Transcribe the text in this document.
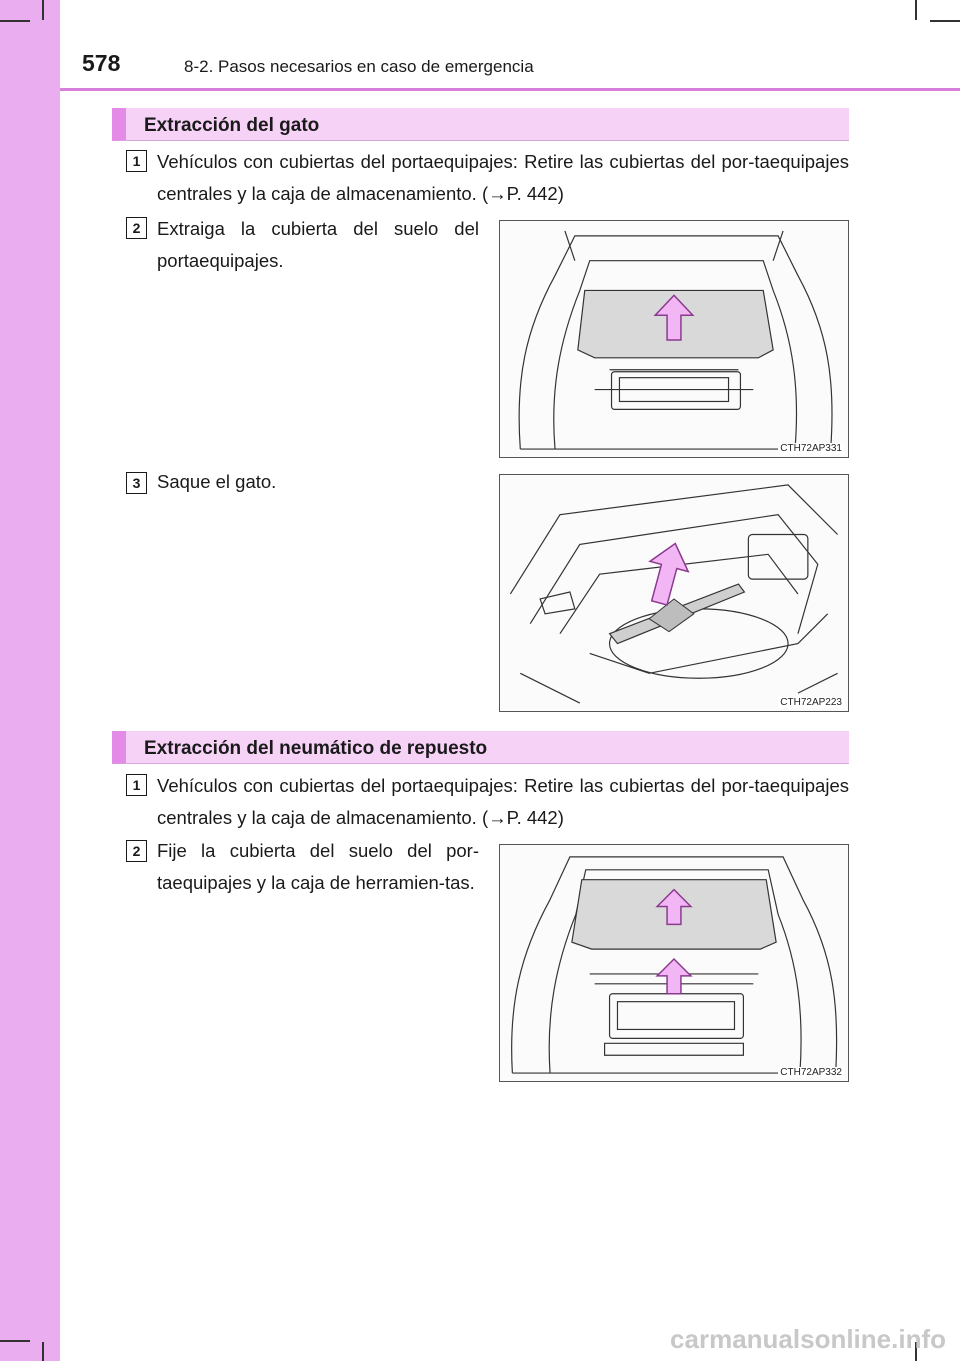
578	8-2. Pasos necesarios en caso de emergencia
Extracción del gato
1 Vehículos con cubiertas del portaequipajes: Retire las cubiertas del por-taequipajes centrales y la caja de almacenamiento. (→P. 442)
2 Extraiga la cubierta del suelo del portaequipajes.
CTH72AP331
3 Saque el gato.
CTH72AP223
Extracción del neumático de repuesto
1 Vehículos con cubiertas del portaequipajes: Retire las cubiertas del por-taequipajes centrales y la caja de almacenamiento. (→P. 442)
2 Fije la cubierta del suelo del por-taequipajes y la caja de herramien-tas.
CTH72AP332
carmanualsonline.info
